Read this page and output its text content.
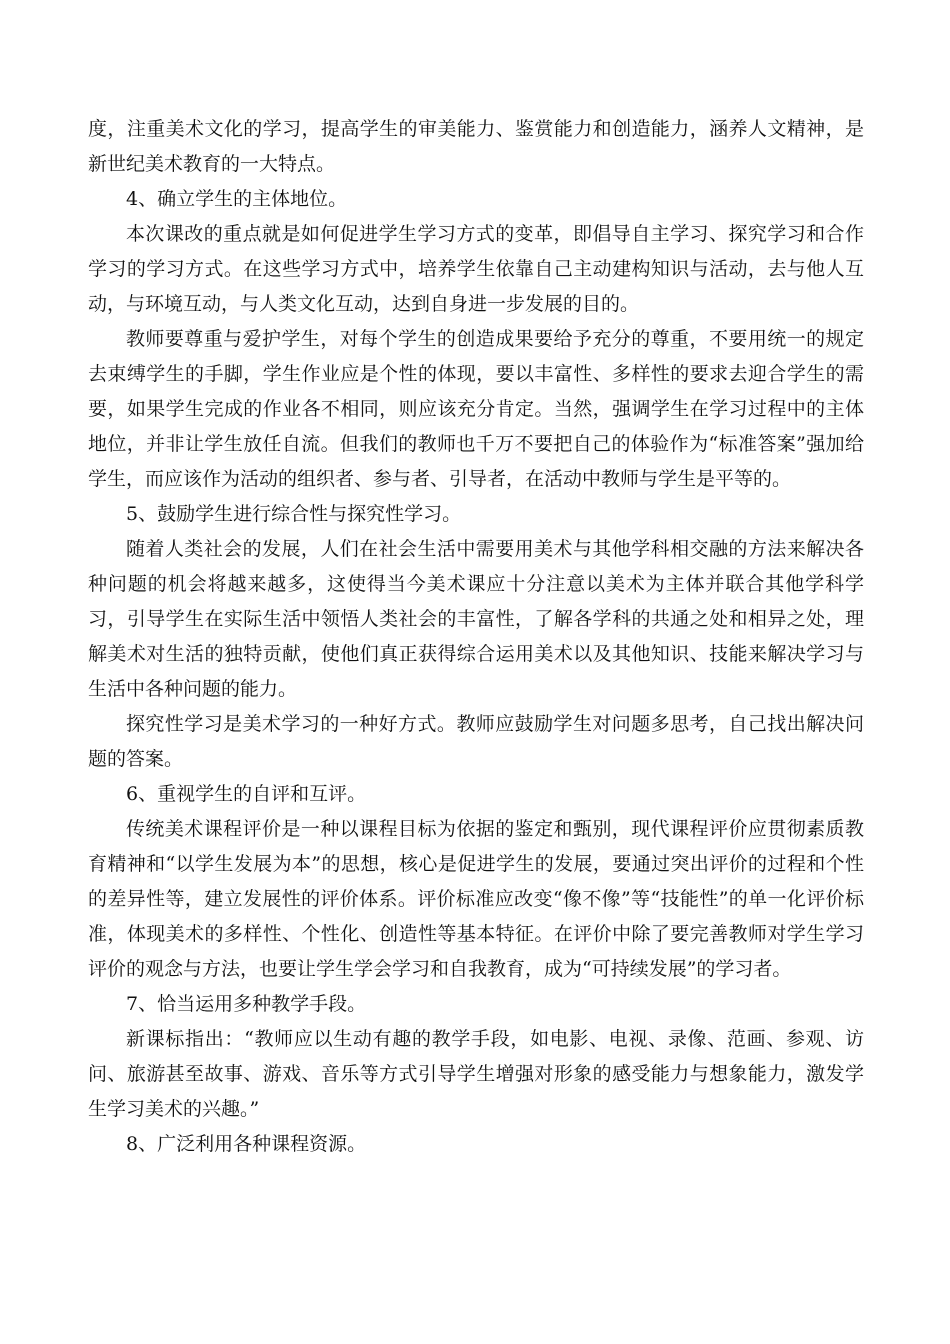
度，注重美术文化的学习，提高学生的审美能力、鉴赏能力和创造能力，涵养人文精神，是新世纪美术教育的一大特点。

4、确立学生的主体地位。

本次课改的重点就是如何促进学生学习方式的变革，即倡导自主学习、探究学习和合作学习的学习方式。在这些学习方式中，培养学生依靠自己主动建构知识与活动，去与他人互动，与环境互动，与人类文化互动，达到自身进一步发展的目的。

教师要尊重与爱护学生，对每个学生的创造成果要给予充分的尊重，不要用统一的规定去束缚学生的手脚，学生作业应是个性的体现，要以丰富性、多样性的要求去迎合学生的需要，如果学生完成的作业各不相同，则应该充分肯定。当然，强调学生在学习过程中的主体地位，并非让学生放任自流。但我们的教师也千万不要把自己的体验作为“标准答案”强加给学生，而应该作为活动的组织者、参与者、引导者，在活动中教师与学生是平等的。

5、鼓励学生进行综合性与探究性学习。

随着人类社会的发展，人们在社会生活中需要用美术与其他学科相交融的方法来解决各种问题的机会将越来越多，这使得当今美术课应十分注意以美术为主体并联合其他学科学习，引导学生在实际生活中领悟人类社会的丰富性，了解各学科的共通之处和相异之处，理解美术对生活的独特贡献，使他们真正获得综合运用美术以及其他知识、技能来解决学习与生活中各种问题的能力。

探究性学习是美术学习的一种好方式。教师应鼓励学生对问题多思考，自己找出解决问题的答案。

6、重视学生的自评和互评。

传统美术课程评价是一种以课程目标为依据的鉴定和甄别，现代课程评价应贯彻素质教育精神和“以学生发展为本”的思想，核心是促进学生的发展，要通过突出评价的过程和个性的差异性等，建立发展性的评价体系。评价标准应改变“像不像”等“技能性”的单一化评价标准，体现美术的多样性、个性化、创造性等基本特征。在评价中除了要完善教师对学生学习评价的观念与方法，也要让学生学会学习和自我教育，成为“可持续发展”的学习者。

7、恰当运用多种教学手段。

新课标指出：“教师应以生动有趣的教学手段，如电影、电视、录像、范画、参观、访问、旅游甚至故事、游戏、音乐等方式引导学生增强对形象的感受能力与想象能力，激发学生学习美术的兴趣。”

8、广泛利用各种课程资源。
